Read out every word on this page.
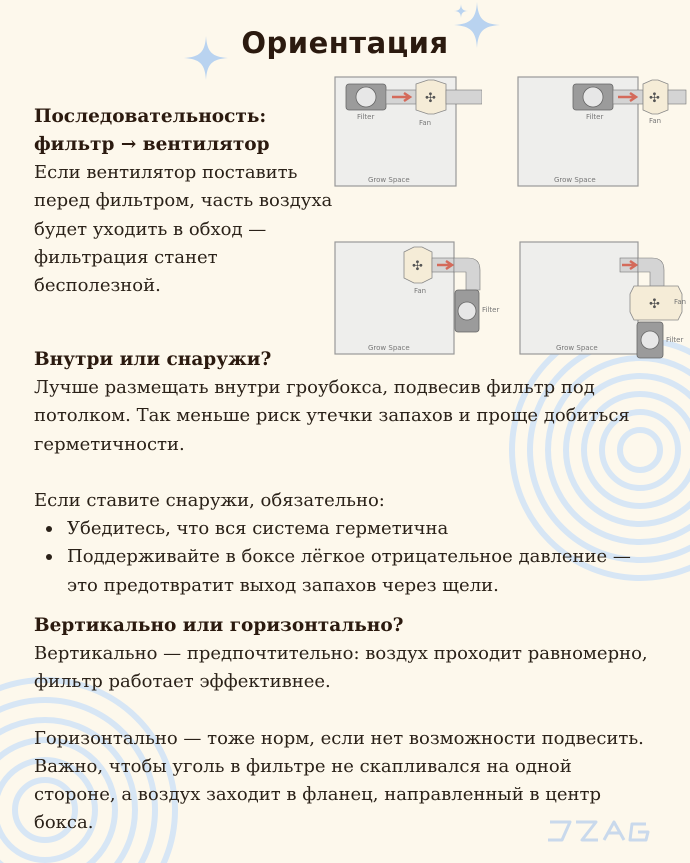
Ориентация
Последовательность:
фильтр → вентилятор
Если вентилятор поставить
перед фильтром, часть воздуха
будет уходить в обход —
фильтрация станет
бесполезной.
✣
Filter
Fan
Grow Space
✣
Filter	Fan
Grow Space
✣
Fan
Filter
Grow Space
✣ Fan
Filter
Grow Space
Внутри или снаружи?
Лучше размещать внутри гроубокса, подвесив фильтр под
потолком. Так меньше риск утечки запахов и проще добиться
герметичности.
Если ставите снаружи, обязательно:
Убедитесь, что вся система герметична
Поддерживайте в боксе лёгкое отрицательное давление —
это предотвратит выход запахов через щели.
Вертикально или горизонтально?
Вертикально — предпочтительно: воздух проходит равномерно,
фильтр работает эффективнее.
Горизонтально — тоже норм, если нет возможности подвесить.
Важно, чтобы уголь в фильтре не скапливался на одной
стороне, а воздух заходит в фланец, направленный в центр
бокса.
